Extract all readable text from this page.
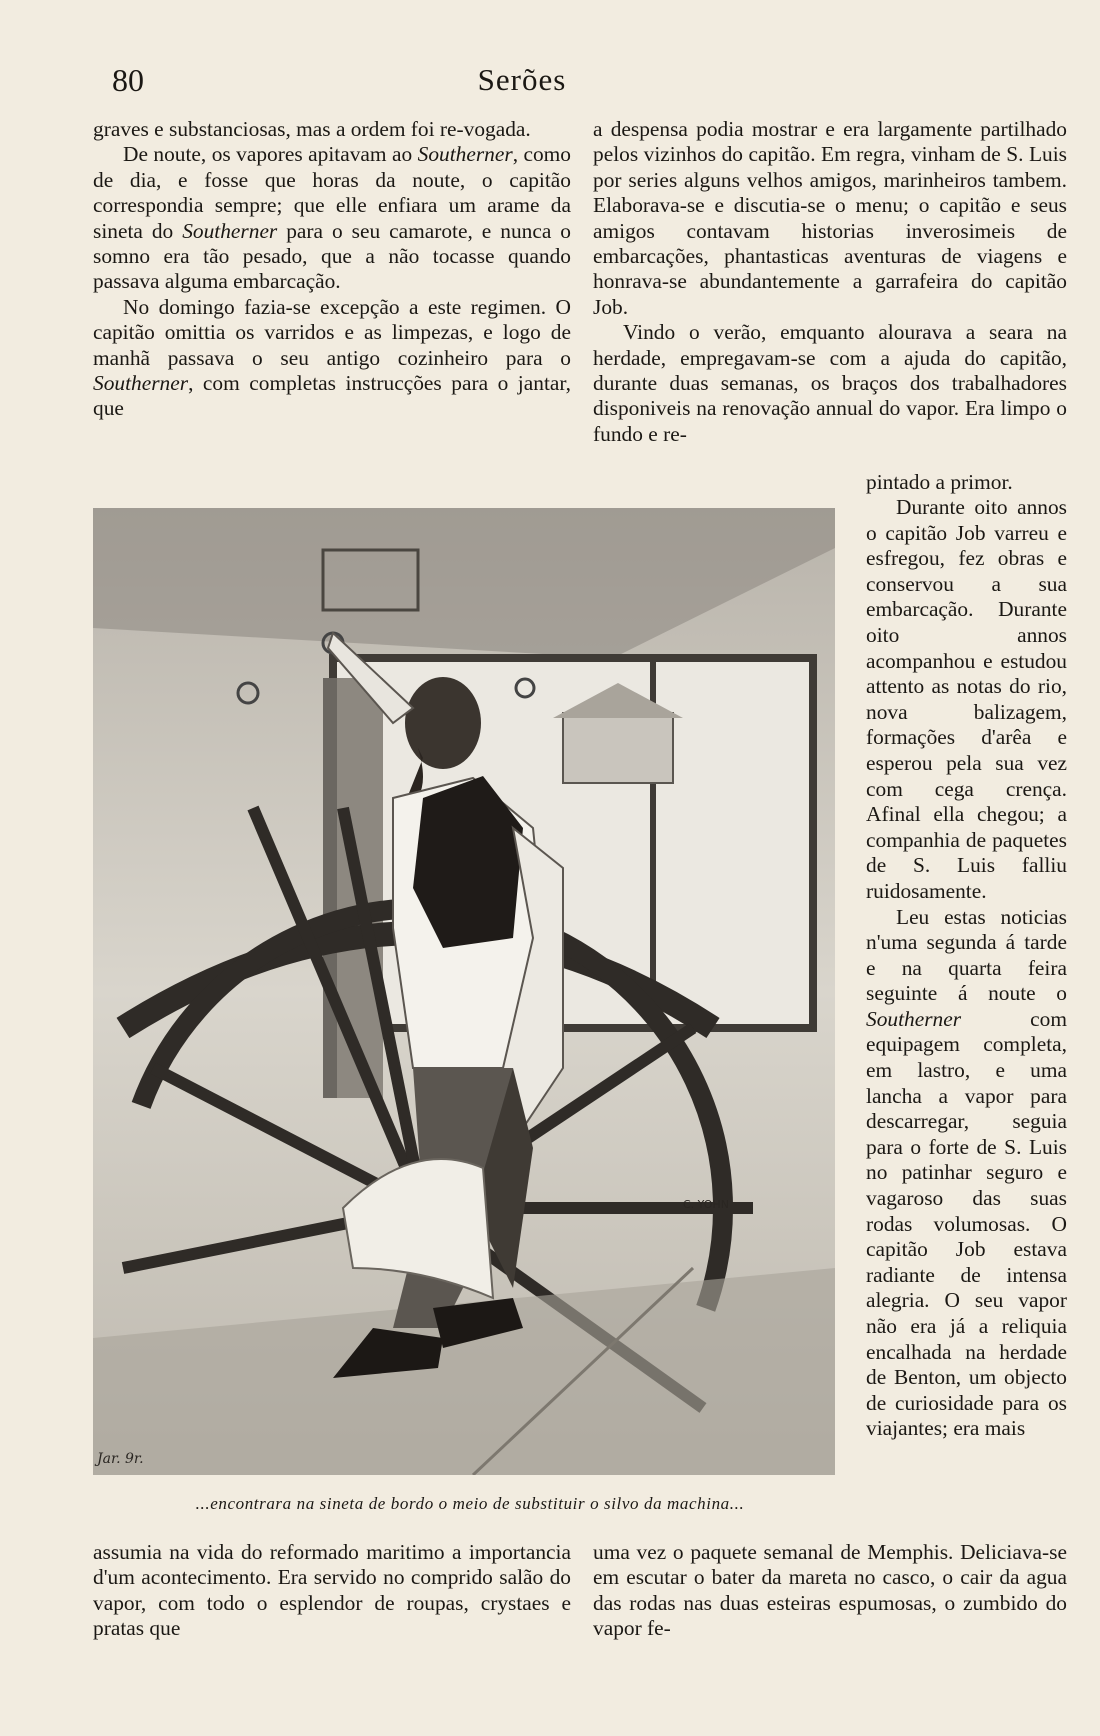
80	Serões

graves e substanciosas, mas a ordem foi re-vogada.

De noute, os vapores apitavam ao Southerner, como de dia, e fosse que horas da noute, o capitão correspondia sempre; que elle enfiara um arame da sineta do Southerner para o seu camarote, e nunca o somno era tão pesado, que a não tocasse quando passava alguma embarcação.

No domingo fazia-se excepção a este regimen. O capitão omittia os varridos e as limpezas, e logo de manhã passava o seu antigo cozinheiro para o Southerner, com completas instrucções para o jantar, que

a despensa podia mostrar e era largamente partilhado pelos vizinhos do capitão. Em regra, vinham de S. Luis por series alguns velhos amigos, marinheiros tambem. Elaborava-se e discutia-se o menu; o capitão e seus amigos contavam historias inverosimeis de embarcações, phantasticas aventuras de viagens e honrava-se abundantemente a garrafeira do capitão Job.

Vindo o verão, emquanto alourava a seara na herdade, empregavam-se com a ajuda do capitão, durante duas semanas, os braços dos trabalhadores disponiveis na renovação annual do vapor. Era limpo o fundo e re-

pintado a primor.

Durante oito annos o capitão Job varreu e esfregou, fez obras e conservou a sua embarcação. Durante oito annos acompanhou e estudou attento as notas do rio, nova balizagem, formações d'arêa e esperou pela sua vez com cega crença. Afinal ella chegou; a companhia de paquetes de S. Luis falliu ruidosamente.

Leu estas noticias n'uma segunda á tarde e na quarta feira seguinte á noute o Southerner com equipagem completa, em lastro, e uma lancha a vapor para descarregar, seguia para o forte de S. Luis no patinhar seguro e vagaroso das suas rodas volumosas. O capitão Job estava radiante de intensa alegria. O seu vapor não era já a reliquia encalhada na herdade de Benton, um objecto de curiosidade para os viajantes; era mais

Jar. 9r.
C. YOHN
...encontrara na sineta de bordo o meio de substituir o silvo da machina...
assumia na vida do reformado maritimo a importancia d'um acontecimento. Era servido no comprido salão do vapor, com todo o esplendor de roupas, crystaes e pratas que
uma vez o paquete semanal de Memphis. Deliciava-se em escutar o bater da mareta no casco, o cair da agua das rodas nas duas esteiras espumosas, o zumbido do vapor fe-
